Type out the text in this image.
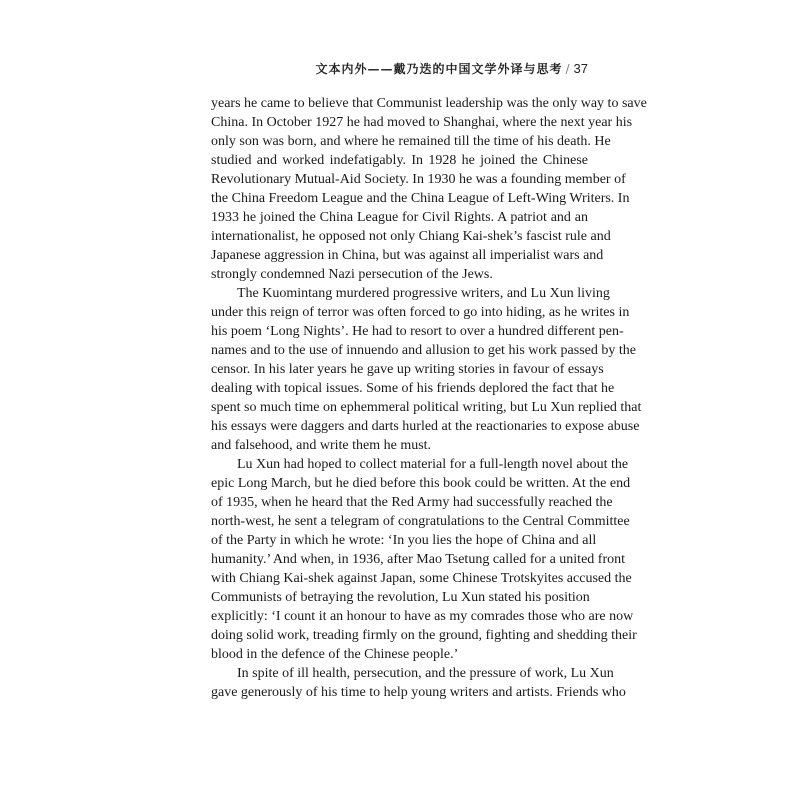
文本内外——戴乃迭的中国文学外译与思考 / 37
years he came to believe that Communist leadership was the only way to save
China. In October 1927 he had moved to Shanghai, where the next year his
only son was born, and where he remained till the time of his death. He
studied and worked indefatigably. In 1928 he joined the Chinese
Revolutionary Mutual-Aid Society. In 1930 he was a founding member of
the China Freedom League and the China League of Left-Wing Writers. In
1933 he joined the China League for Civil Rights. A patriot and an
internationalist, he opposed not only Chiang Kai-shek’s fascist rule and
Japanese aggression in China, but was against all imperialist wars and
strongly condemned Nazi persecution of the Jews.
The Kuomintang murdered progressive writers, and Lu Xun living
under this reign of terror was often forced to go into hiding, as he writes in
his poem ‘Long Nights’. He had to resort to over a hundred different pen-
names and to the use of innuendo and allusion to get his work passed by the
censor. In his later years he gave up writing stories in favour of essays
dealing with topical issues. Some of his friends deplored the fact that he
spent so much time on ephemmeral political writing, but Lu Xun replied that
his essays were daggers and darts hurled at the reactionaries to expose abuse
and falsehood, and write them he must.
Lu Xun had hoped to collect material for a full-length novel about the
epic Long March, but he died before this book could be written. At the end
of 1935, when he heard that the Red Army had successfully reached the
north-west, he sent a telegram of congratulations to the Central Committee
of the Party in which he wrote: ‘In you lies the hope of China and all
humanity.’ And when, in 1936, after Mao Tsetung called for a united front
with Chiang Kai-shek against Japan, some Chinese Trotskyites accused the
Communists of betraying the revolution, Lu Xun stated his position
explicitly: ‘I count it an honour to have as my comrades those who are now
doing solid work, treading firmly on the ground, fighting and shedding their
blood in the defence of the Chinese people.’
In spite of ill health, persecution, and the pressure of work, Lu Xun
gave generously of his time to help young writers and artists. Friends who
